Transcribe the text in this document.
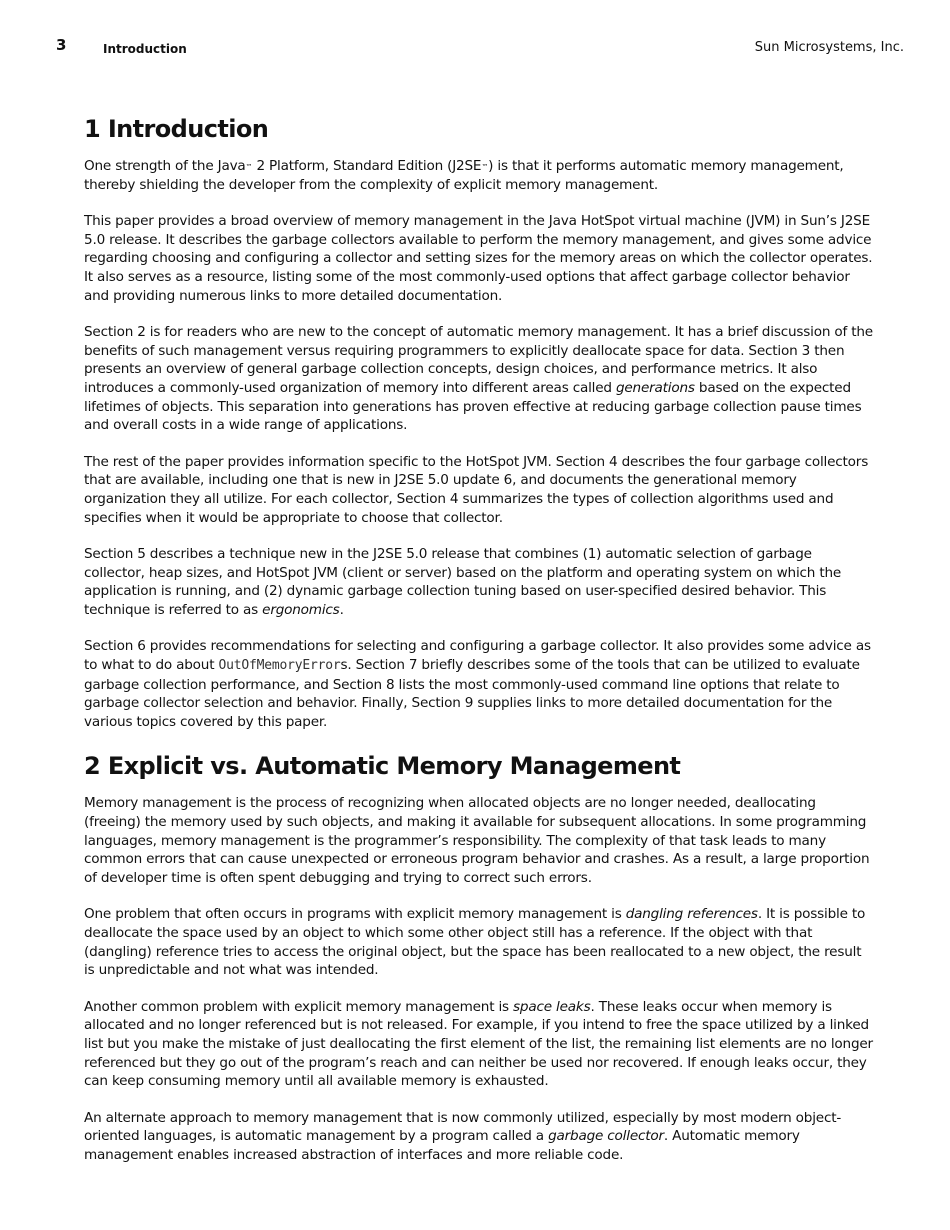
3	Introduction	Sun Microsystems, Inc.
1 Introduction

One strength of the Java™ 2 Platform, Standard Edition (J2SE™) is that it performs automatic memory management, thereby shielding the developer from the complexity of explicit memory management.

This paper provides a broad overview of memory management in the Java HotSpot virtual machine (JVM) in Sun’s J2SE 5.0 release. It describes the garbage collectors available to perform the memory management, and gives some advice regarding choosing and configuring a collector and setting sizes for the memory areas on which the collector operates. It also serves as a resource, listing some of the most commonly-used options that affect garbage collector behavior and providing numerous links to more detailed documentation.

Section 2 is for readers who are new to the concept of automatic memory management. It has a brief discussion of the benefits of such management versus requiring programmers to explicitly deallocate space for data. Section 3 then presents an overview of general garbage collection concepts, design choices, and performance metrics. It also introduces a commonly-used organization of memory into different areas called generations based on the expected lifetimes of objects. This separation into generations has proven effective at reducing garbage collection pause times and overall costs in a wide range of applications.

The rest of the paper provides information specific to the HotSpot JVM. Section 4 describes the four garbage collectors that are available, including one that is new in J2SE 5.0 update 6, and documents the generational memory organization they all utilize. For each collector, Section 4 summarizes the types of collection algorithms used and specifies when it would be appropriate to choose that collector.

Section 5 describes a technique new in the J2SE 5.0 release that combines (1) automatic selection of garbage collector, heap sizes, and HotSpot JVM (client or server) based on the platform and operating system on which the application is running, and (2) dynamic garbage collection tuning based on user-specified desired behavior. This technique is referred to as ergonomics.

Section 6 provides recommendations for selecting and configuring a garbage collector. It also provides some advice as to what to do about OutOfMemoryErrors. Section 7 briefly describes some of the tools that can be utilized to evaluate garbage collection performance, and Section 8 lists the most commonly-used command line options that relate to garbage collector selection and behavior. Finally, Section 9 supplies links to more detailed documentation for the various topics covered by this paper.

2 Explicit vs. Automatic Memory Management

Memory management is the process of recognizing when allocated objects are no longer needed, deallocating (freeing) the memory used by such objects, and making it available for subsequent allocations. In some programming languages, memory management is the programmer’s responsibility. The complexity of that task leads to many common errors that can cause unexpected or erroneous program behavior and crashes. As a result, a large proportion of developer time is often spent debugging and trying to correct such errors.

One problem that often occurs in programs with explicit memory management is dangling references. It is possible to deallocate the space used by an object to which some other object still has a reference. If the object with that (dangling) reference tries to access the original object, but the space has been reallocated to a new object, the result is unpredictable and not what was intended.

Another common problem with explicit memory management is space leaks. These leaks occur when memory is allocated and no longer referenced but is not released. For example, if you intend to free the space utilized by a linked list but you make the mistake of just deallocating the first element of the list, the remaining list elements are no longer referenced but they go out of the program’s reach and can neither be used nor recovered. If enough leaks occur, they can keep consuming memory until all available memory is exhausted.

An alternate approach to memory management that is now commonly utilized, especially by most modern object-oriented languages, is automatic management by a program called a garbage collector. Automatic memory management enables increased abstraction of interfaces and more reliable code.
